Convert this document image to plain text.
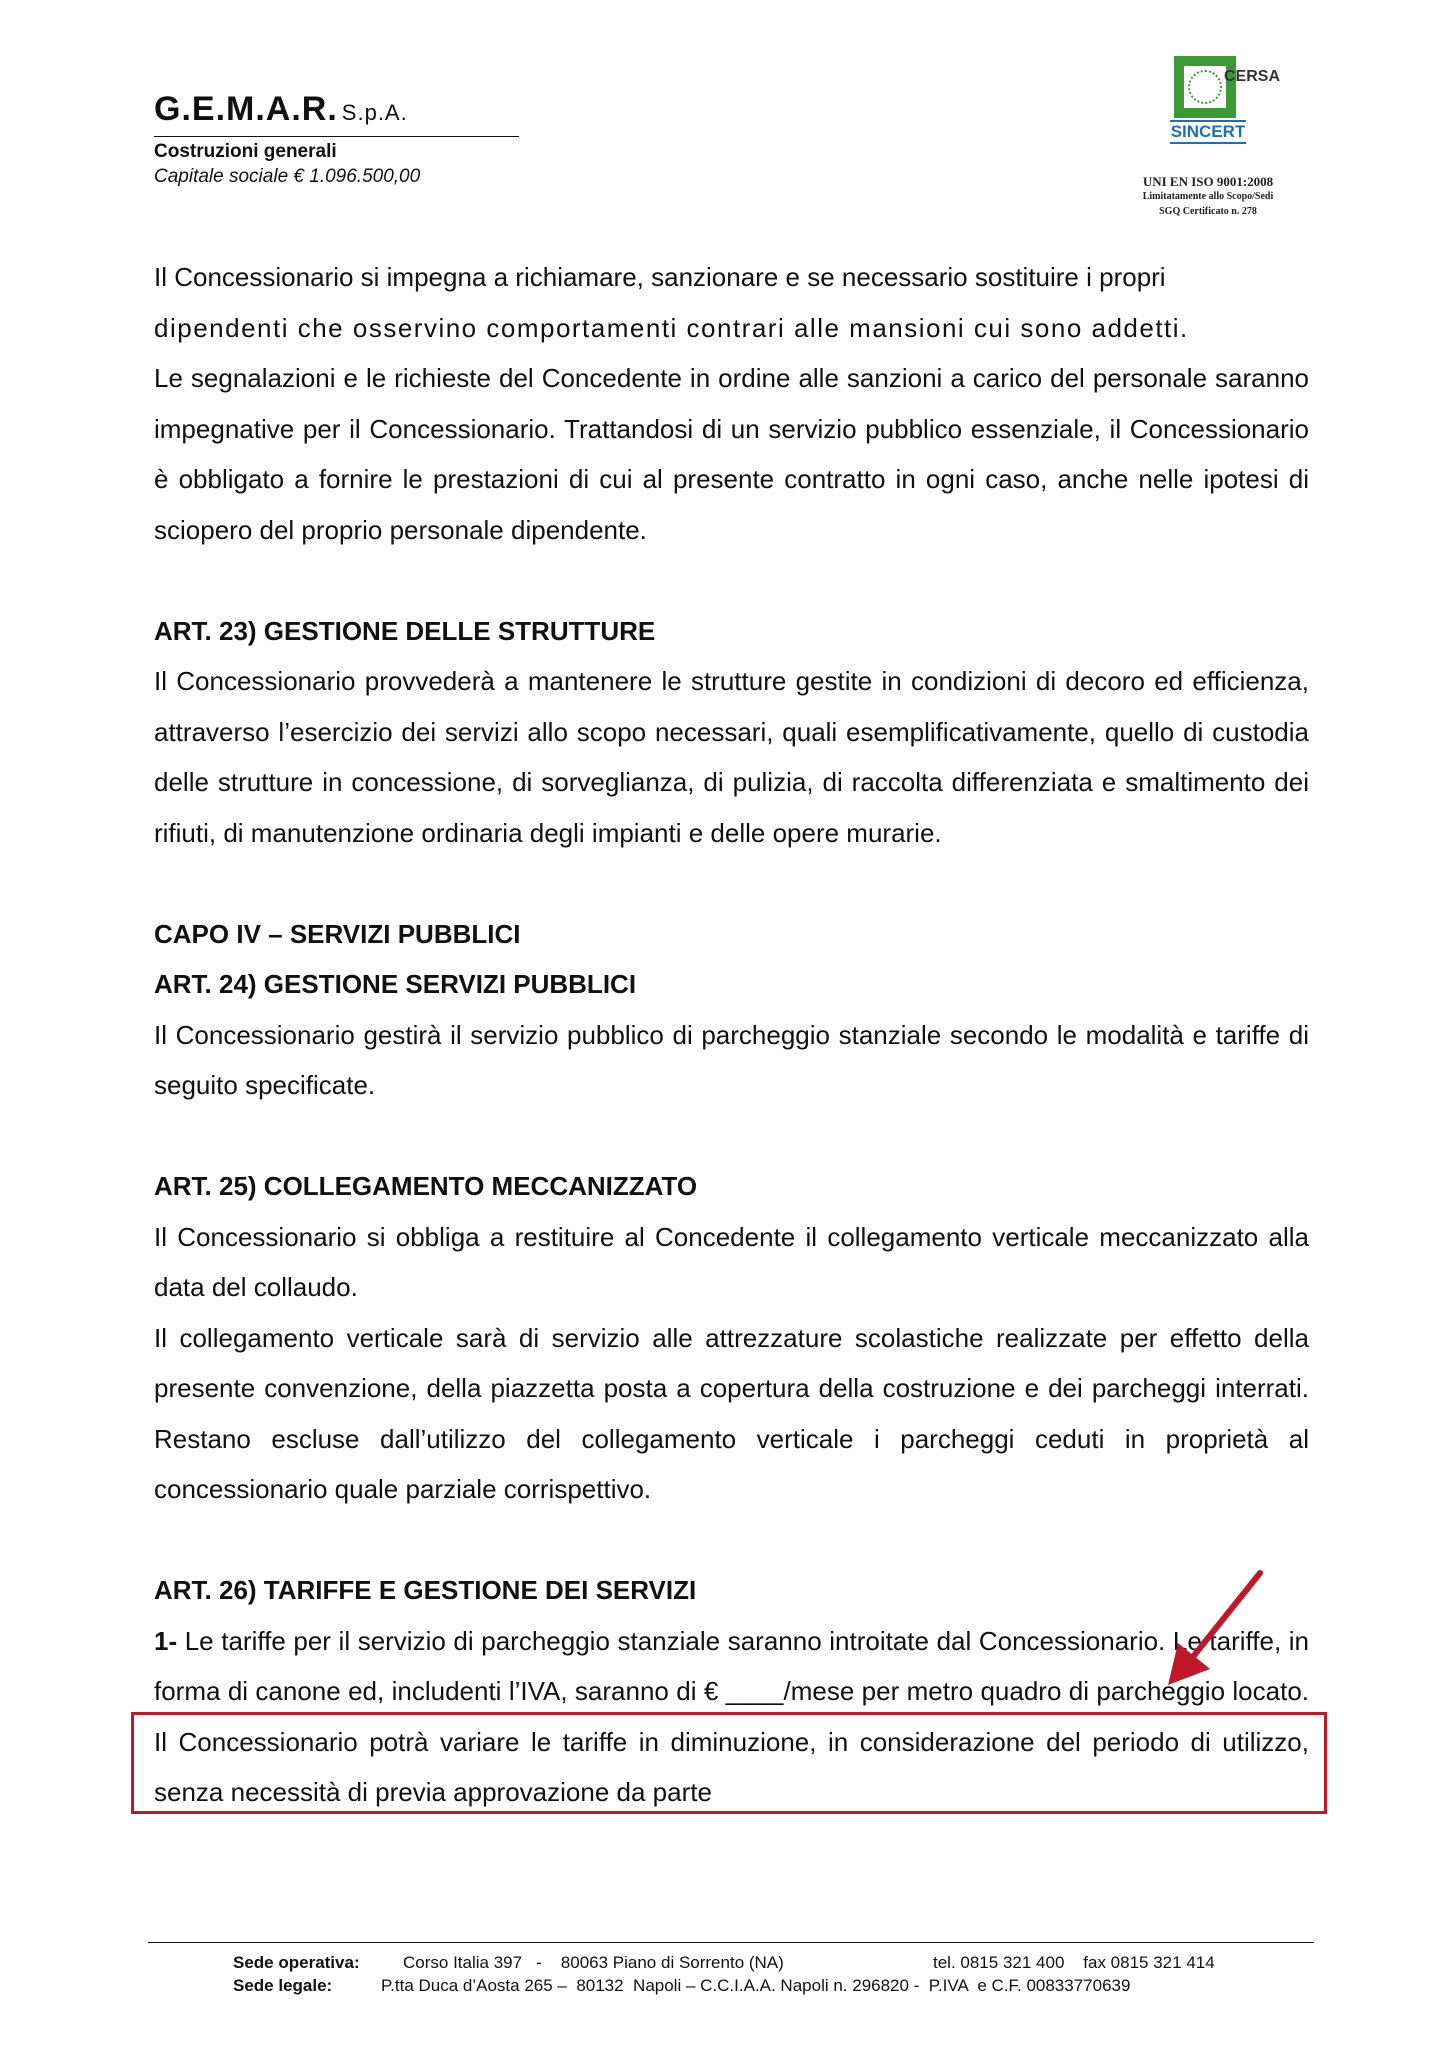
G.E.M.A.R. S.p.A.
Costruzioni generali
Capitale sociale € 1.096.500,00
CERSA
SINCERT
UNI EN ISO 9001:2008
Limitatamente allo Scopo/Sedi
SGQ Certificato n. 278

Il Concessionario si impegna a richiamare, sanzionare e se necessario sostituire i propri

dipendenti che osservino comportamenti contrari alle mansioni cui sono addetti.

Le segnalazioni e le richieste del Concedente in ordine alle sanzioni a carico del personale saranno impegnative per il Concessionario. Trattandosi di un servizio pubblico essenziale, il Concessionario è obbligato a fornire le prestazioni di cui al presente contratto in ogni caso, anche nelle ipotesi di sciopero del proprio personale dipendente.

ART. 23) GESTIONE DELLE STRUTTURE

Il Concessionario provvederà a mantenere le strutture gestite in condizioni di decoro ed efficienza, attraverso l’esercizio dei servizi allo scopo necessari, quali esemplificativamente, quello di custodia delle strutture in concessione, di sorveglianza, di pulizia, di raccolta differenziata e smaltimento dei rifiuti, di manutenzione ordinaria degli impianti e delle opere murarie.

CAPO IV – SERVIZI PUBBLICI
ART. 24) GESTIONE SERVIZI PUBBLICI

Il Concessionario gestirà il servizio pubblico di parcheggio stanziale secondo le modalità e tariffe di seguito specificate.

ART. 25) COLLEGAMENTO MECCANIZZATO

Il Concessionario si obbliga a restituire al Concedente il collegamento verticale meccanizzato alla data del collaudo.

Il collegamento verticale sarà di servizio alle attrezzature scolastiche realizzate per effetto della presente convenzione, della piazzetta posta a copertura della costruzione e dei parcheggi interrati. Restano escluse dall’utilizzo del collegamento verticale i parcheggi ceduti in proprietà al concessionario quale parziale corrispettivo.

ART. 26) TARIFFE E GESTIONE DEI SERVIZI

1- Le tariffe per il servizio di parcheggio stanziale saranno introitate dal Concessionario. Le tariffe, in forma di canone ed, includenti l’IVA, saranno di € ____/mese per metro quadro di parcheggio locato. Il Concessionario potrà variare le tariffe in diminuzione, in considerazione del periodo di utilizzo, senza necessità di previa approvazione da parte

Sede operativa:	Corso Italia 397   -    80063 Piano di Sorrento (NA)	tel. 0815 321 400    fax 0815 321 414
Sede legale:	P.tta Duca d’Aosta 265 –  80132  Napoli – C.C.I.A.A. Napoli n. 296820 -  P.IVA  e C.F. 00833770639
